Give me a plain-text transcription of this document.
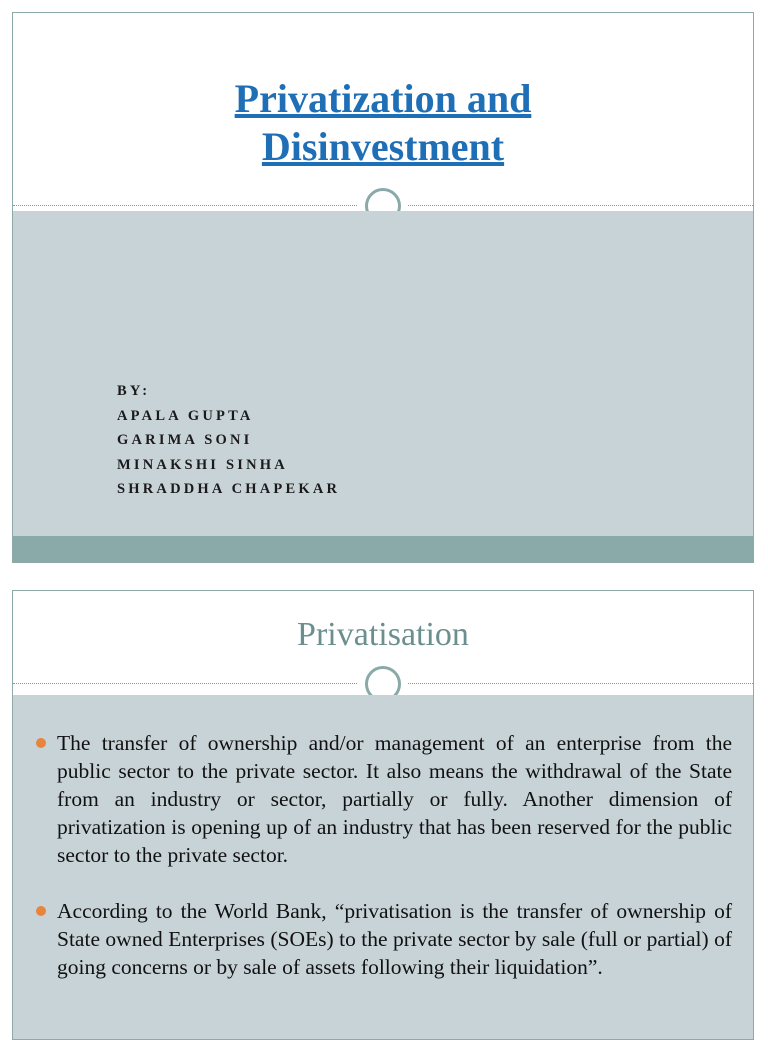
Privatization and
Disinvestment
BY:
APALA GUPTA
GARIMA SONI
MINAKSHI SINHA
SHRADDHA CHAPEKAR
Privatisation
The transfer of ownership and/or management of an enterprise from the public sector to the private sector. It also means the withdrawal of the State from an industry or sector, partially or fully. Another dimension of privatization is opening up of an industry that has been reserved for the public sector to the private sector.
According to the World Bank, “privatisation is the transfer of ownership of State owned Enterprises (SOEs) to the private sector by sale (full or partial) of going concerns or by sale of assets following their liquidation”.
